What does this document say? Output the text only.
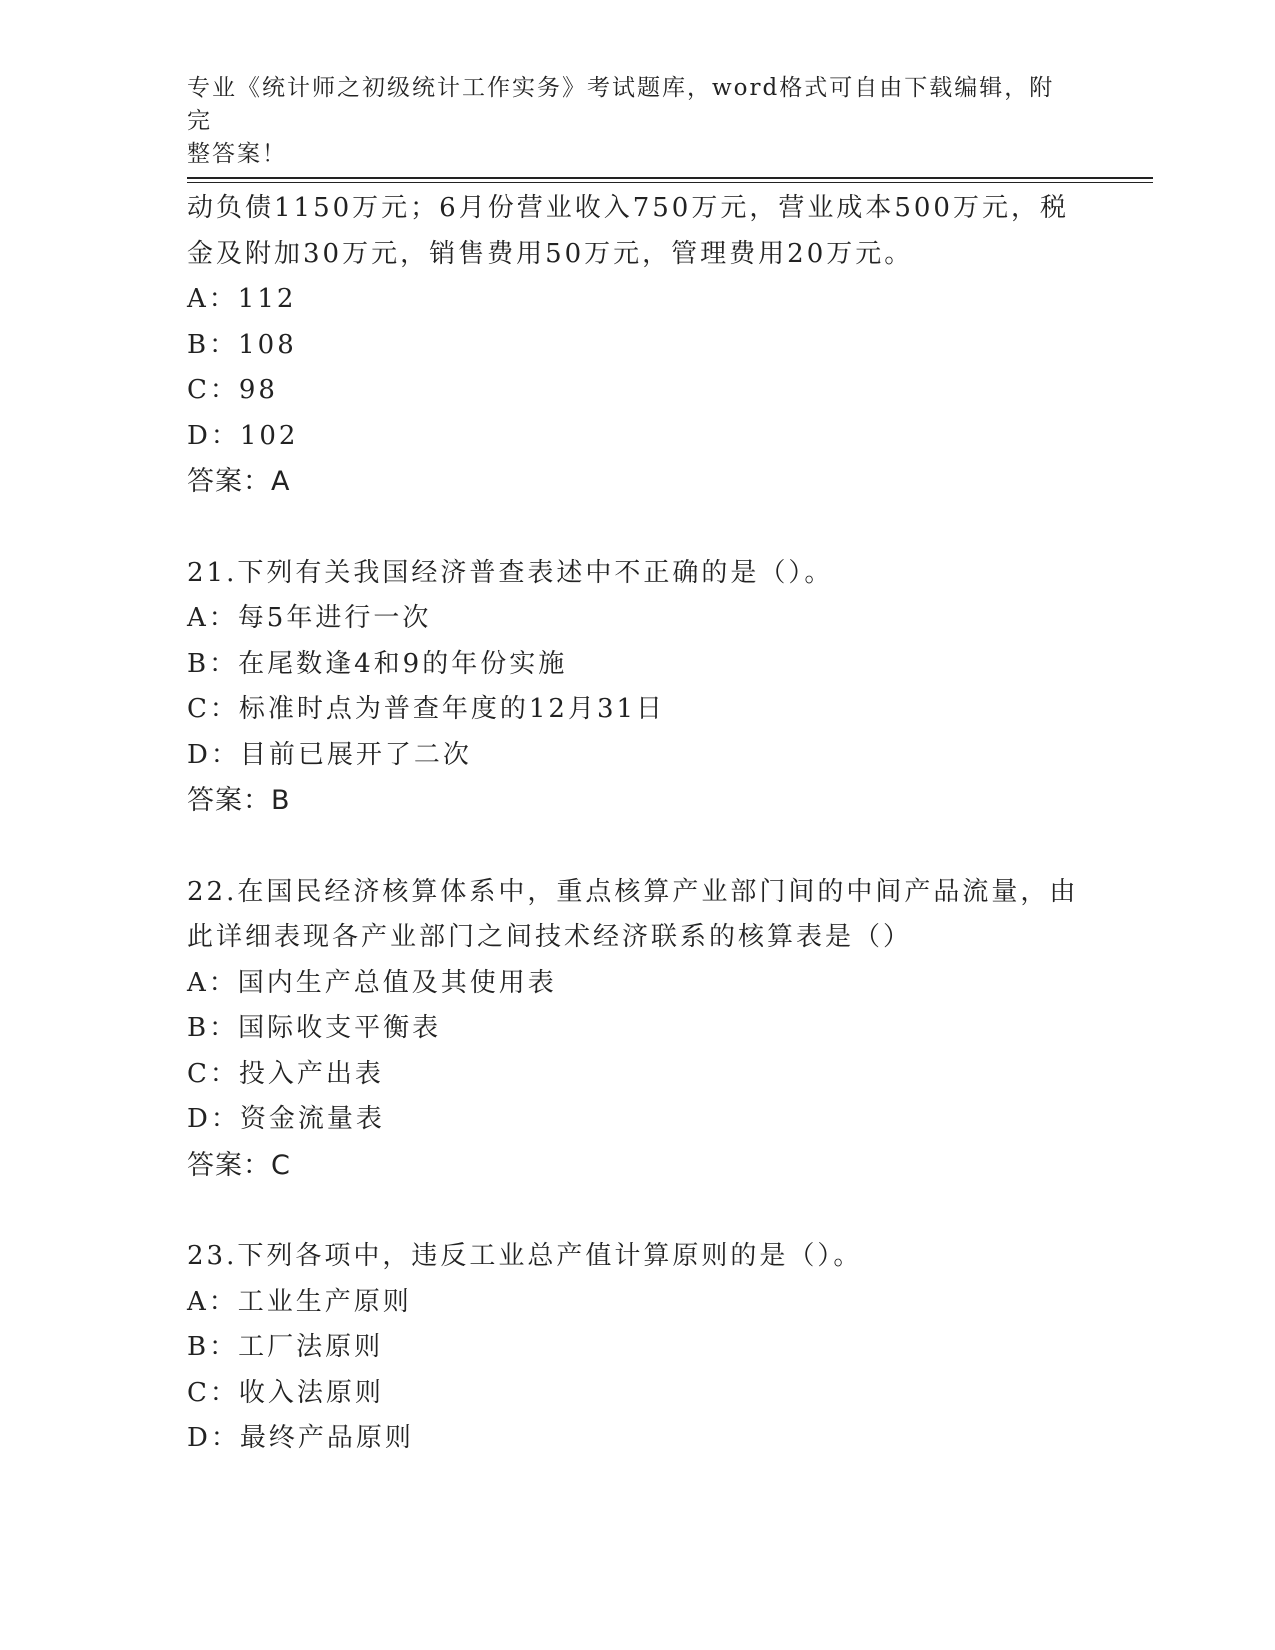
专业《统计师之初级统计工作实务》考试题库，word格式可自由下载编辑，附完
整答案！
动负债1150万元；6月份营业收入750万元，营业成本500万元，税
金及附加30万元，销售费用50万元，管理费用20万元。
A：112
B：108
C：98
D：102
答案：A
21.下列有关我国经济普查表述中不正确的是（）。
A：每5年进行一次
B：在尾数逢4和9的年份实施
C：标准时点为普查年度的12月31日
D：目前已展开了二次
答案：B
22.在国民经济核算体系中，重点核算产业部门间的中间产品流量，由
此详细表现各产业部门之间技术经济联系的核算表是（）
A：国内生产总值及其使用表
B：国际收支平衡表
C：投入产出表
D：资金流量表
答案：C
23.下列各项中，违反工业总产值计算原则的是（）。
A：工业生产原则
B：工厂法原则
C：收入法原则
D：最终产品原则
